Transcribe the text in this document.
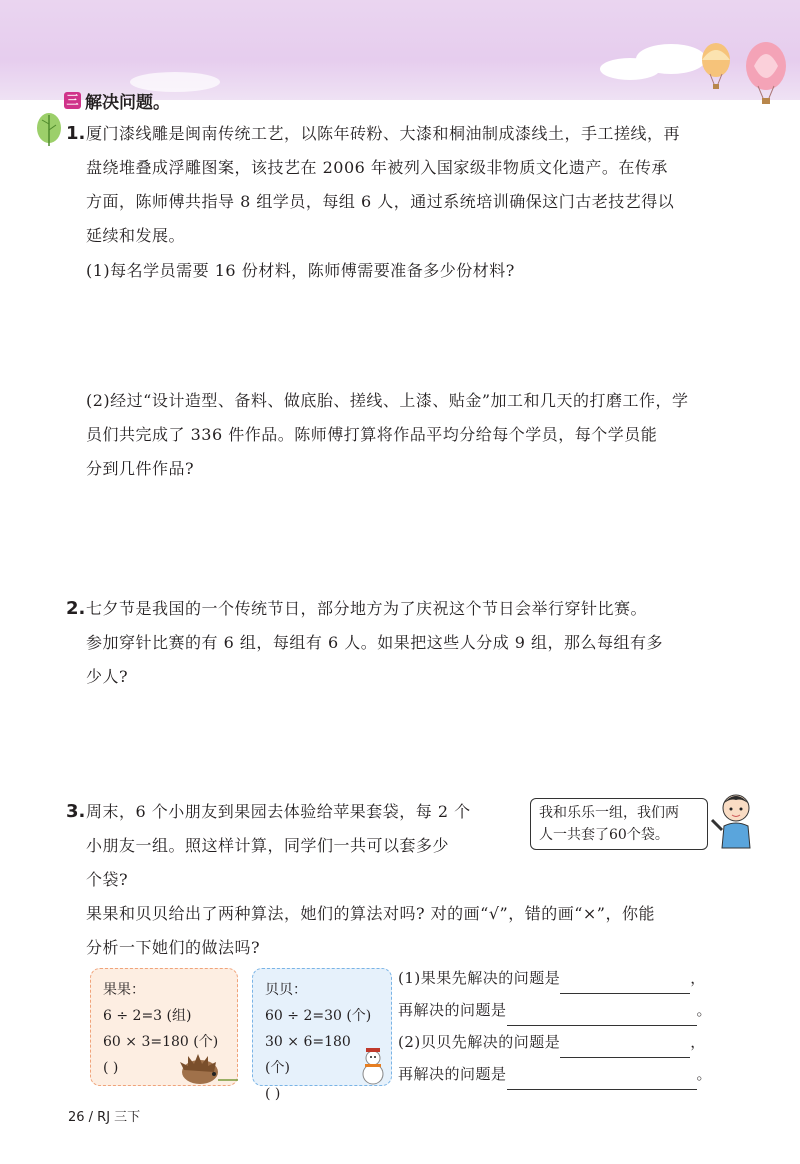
三 解决问题。
1. 厦门漆线雕是闽南传统工艺，以陈年砖粉、大漆和桐油制成漆线土，手工搓线，再
盘绕堆叠成浮雕图案，该技艺在 2006 年被列入国家级非物质文化遗产。在传承
方面，陈师傅共指导 8 组学员，每组 6 人，通过系统培训确保这门古老技艺得以
延续和发展。
(1)每名学员需要 16 份材料，陈师傅需要准备多少份材料?
(2)经过“设计造型、备料、做底胎、搓线、上漆、贴金”加工和几天的打磨工作，学
员们共完成了 336 件作品。陈师傅打算将作品平均分给每个学员，每个学员能
分到几件作品?
2. 七夕节是我国的一个传统节日，部分地方为了庆祝这个节日会举行穿针比赛。
参加穿针比赛的有 6 组，每组有 6 人。如果把这些人分成 9 组，那么每组有多
少人?
3. 周末，6 个小朋友到果园去体验给苹果套袋，每 2 个
小朋友一组。照这样计算，同学们一共可以套多少
个袋?
果果和贝贝给出了两种算法，她们的算法对吗? 对的画“√”，错的画“×”，你能
分析一下她们的做法吗?
我和乐乐一组，我们两
人一共套了60个袋。
果果：
6 ÷ 2=3 (组)
60 × 3=180 (个)
( )
贝贝：
60 ÷ 2=30 (个)
30 × 6=180 (个)
( )
(1)果果先解决的问题是	，
再解决的问题是	。
(2)贝贝先解决的问题是	，
再解决的问题是	。
26 / RJ 三下
